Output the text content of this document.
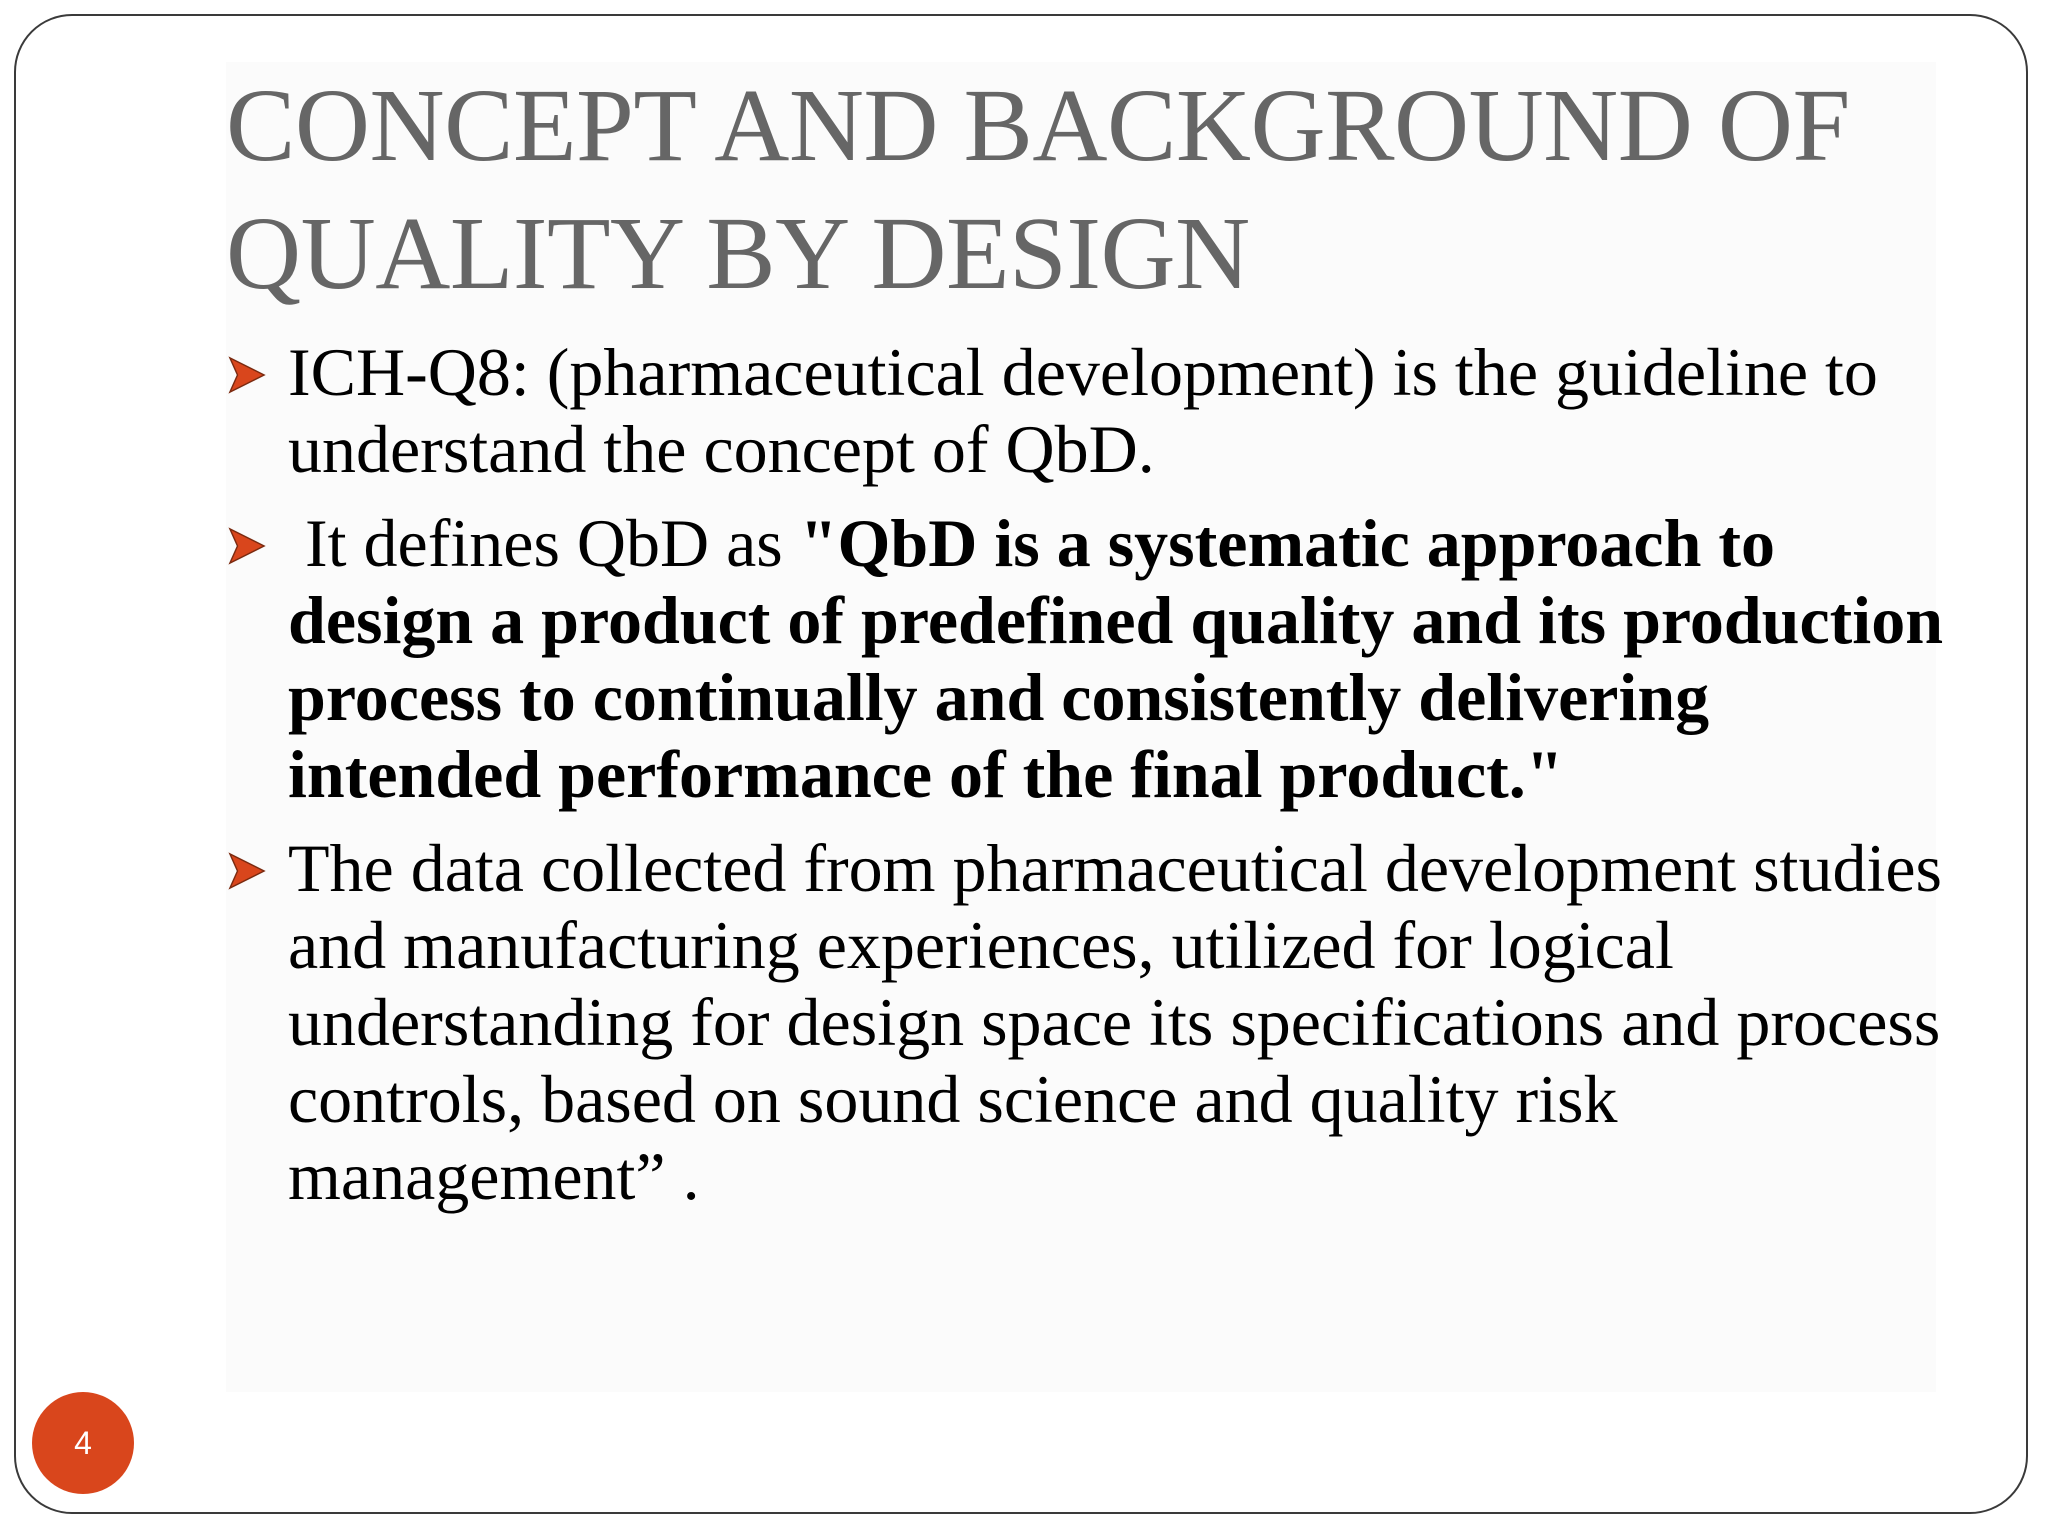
CONCEPT AND BACKGROUND OF
QUALITY BY DESIGN
ICH-Q8: (pharmaceutical development) is the guideline to understand the concept of QbD.
It defines QbD as "QbD is a systematic approach to design a product of predefined quality and its production process to continually and consistently delivering intended performance of the final product."
The data collected from pharmaceutical development studies and manufacturing experiences, utilized for logical understanding for design space its specifications and process controls, based on sound science and quality risk management” .
4
